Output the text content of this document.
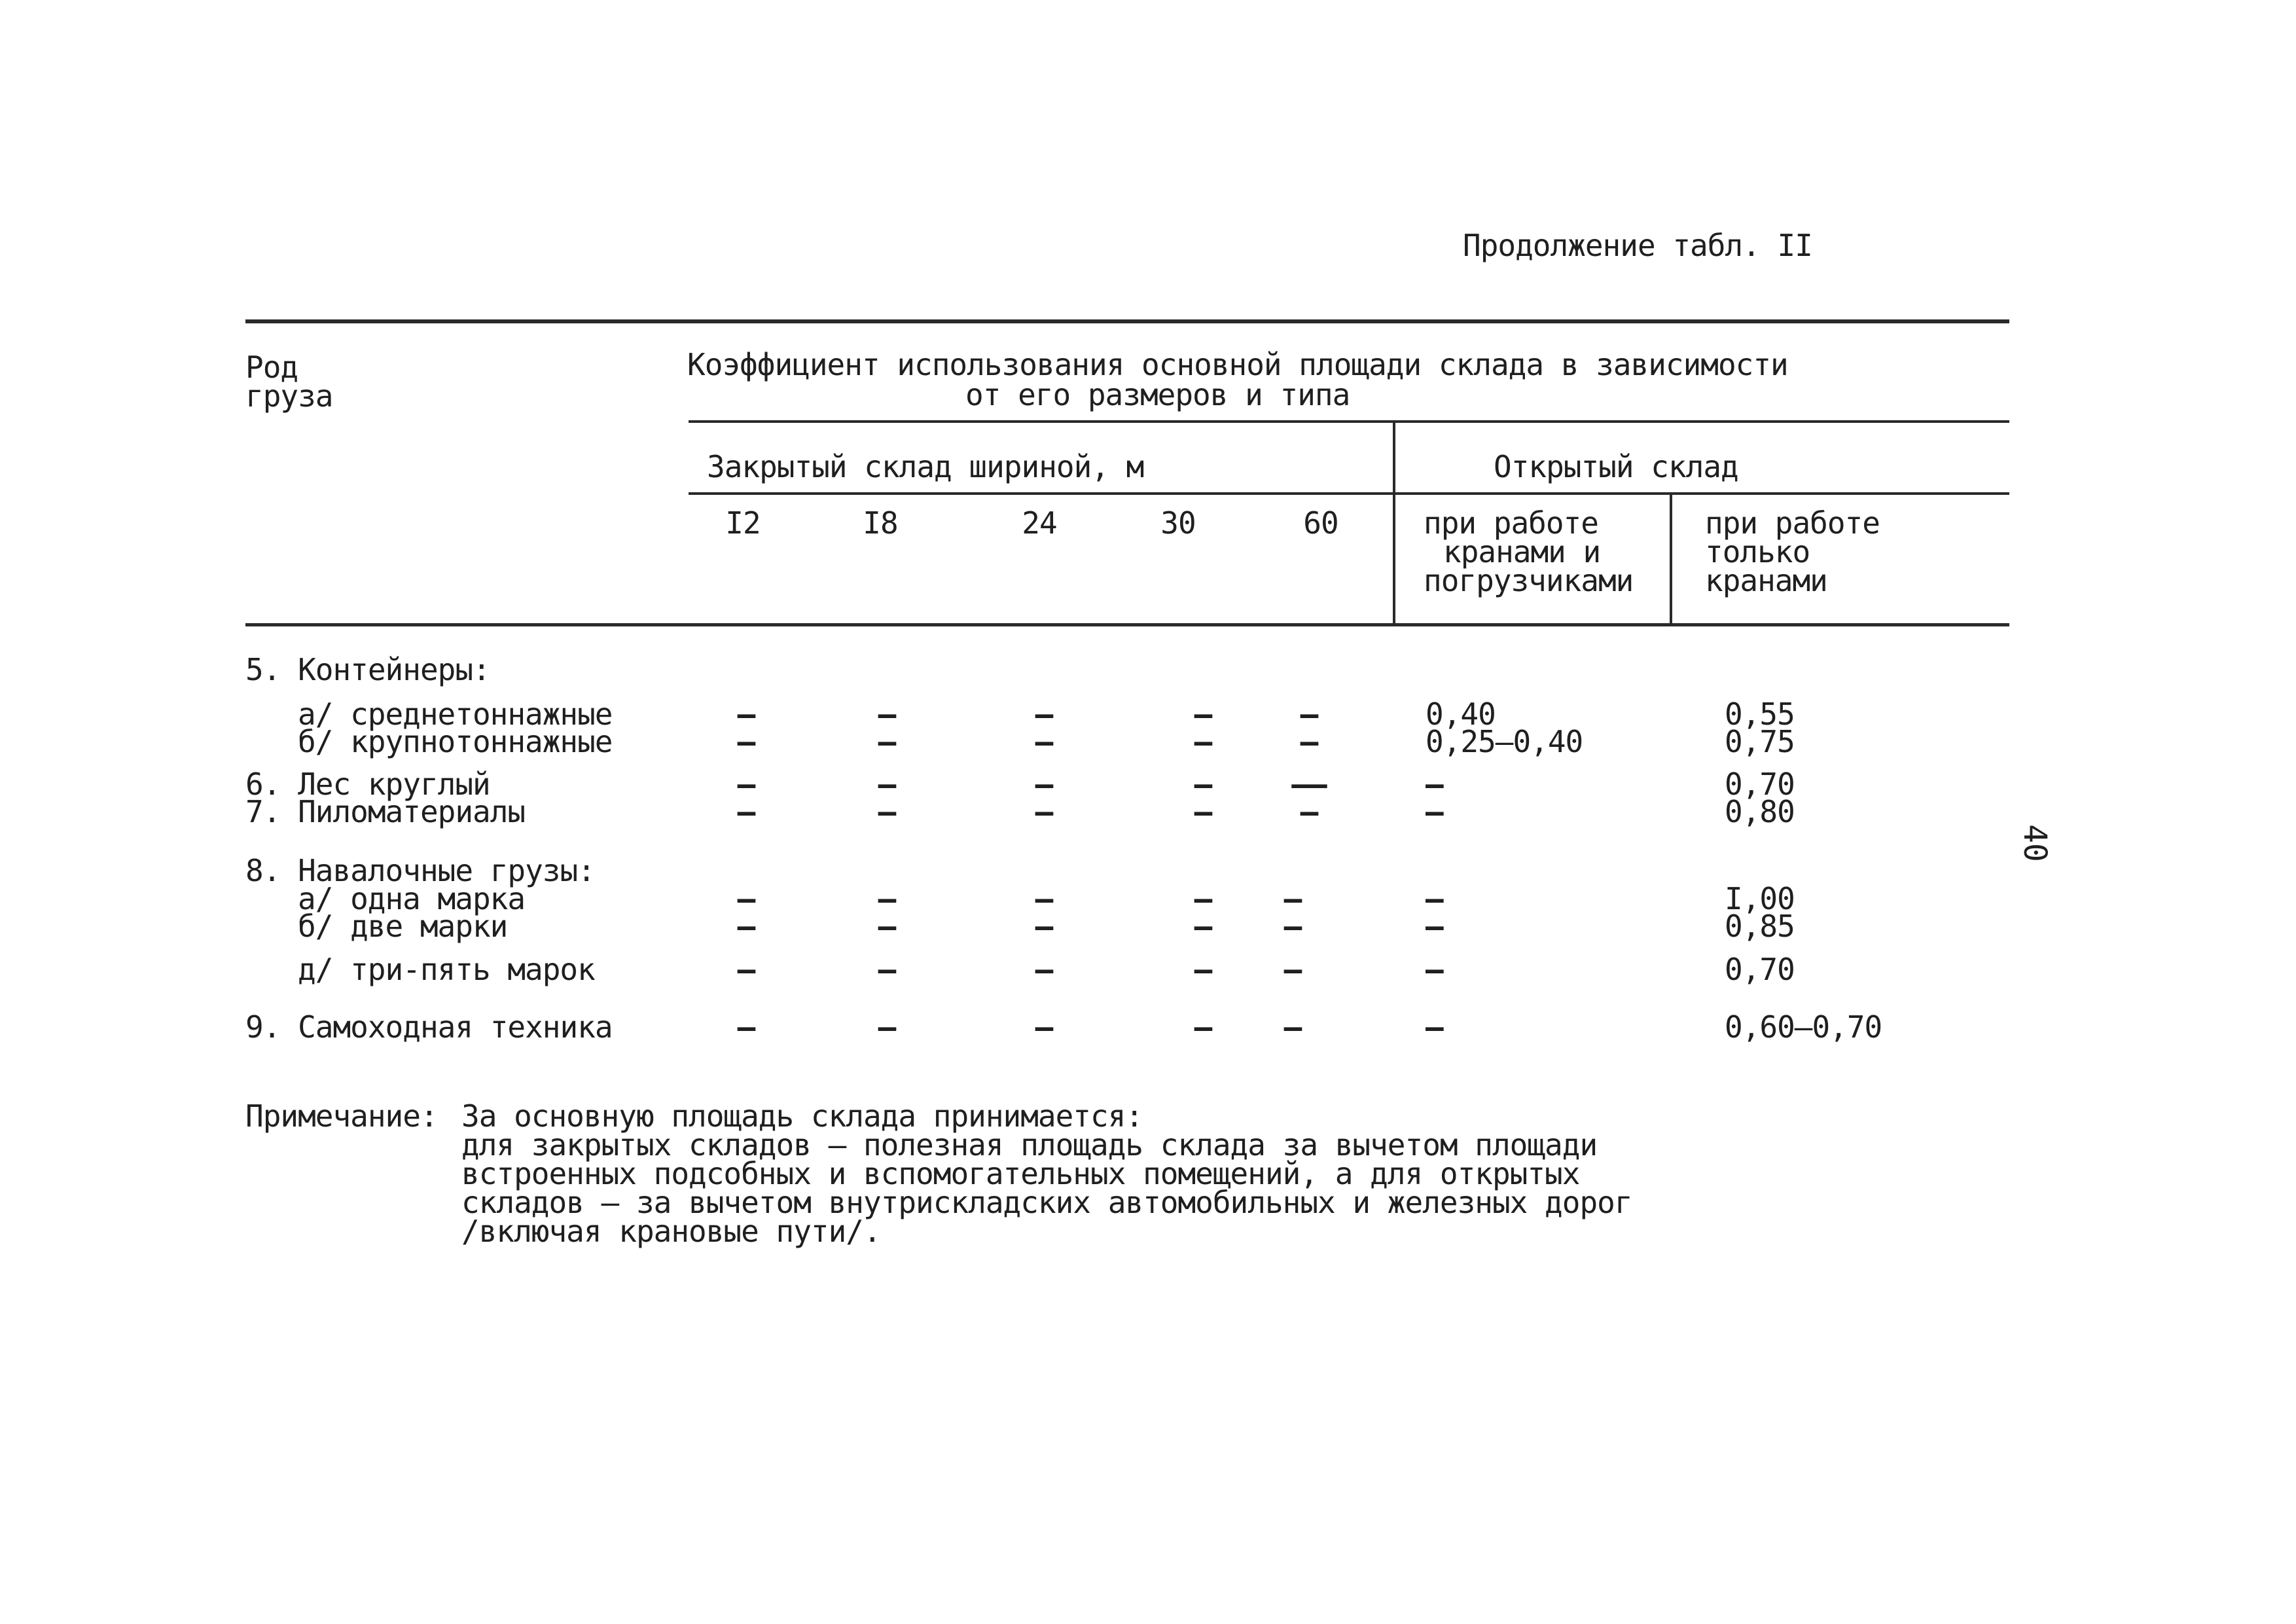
Продолжение табл. II
40
Род
груза
Коэффициент использования основной площади склада в зависимости
от его размеров и типа
Закрытый склад шириной, м	Открытый склад
I2	I8	24	30	60	при работе
кранами и
погрузчиками
при работе
только
кранами
5. Контейнеры:
а/ среднетоннажные	–	–	–	–	–	0,40	0,55
б/ крупнотоннажные	–	–	–	–	–	0,25–0,40	0,75
6. Лес круглый	–	–	–	–	––	–	0,70
7. Пиломатериалы	–	–	–	–	–	–	0,80
8. Навалочные грузы:
а/ одна марка	–	–	–	–	–	–	I,00
б/ две марки	–	–	–	–	–	–	0,85
д/ три-пять марок	–	–	–	–	–	–	0,70
9. Самоходная техника	–	–	–	–	–	–	0,60–0,70
Примечание: За основную площадь склада принимается:
для закрытых складов – полезная площадь склада за вычетом площади
встроенных подсобных и вспомогательных помещений, а для открытых
складов – за вычетом внутрискладских автомобильных и железных дорог
/включая крановые пути/.
